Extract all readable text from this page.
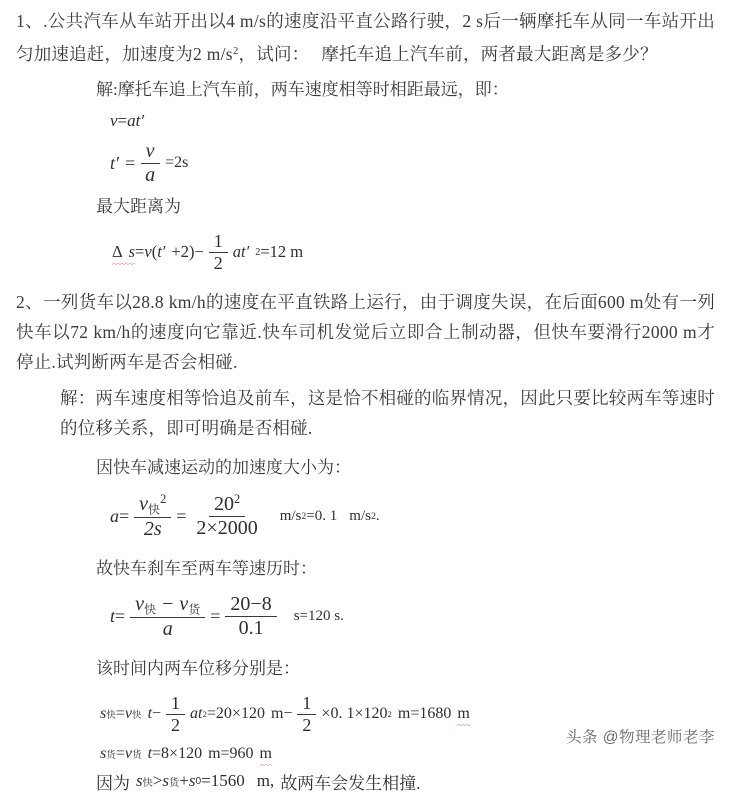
1、.公共汽车从车站开出以4 m/s的速度沿平直公路行驶，2 s后一辆摩托车从同一车站开出匀加速追赶，加速度为2 $m/s^2$，试问： 摩托车追上汽车前，两者最大距离是多少？
解:摩托车追上汽车前，两车速度相等时相距最远，即：
v = a t ′
t ′ = $\frac{v}{a} =2s$
最大距离为
Δ s = v ( t ′ $+2) - \frac{1}{2}$ a t ′ 2 =12 m
2、一列货车以28.8 km/h的速度在平直铁路上运行，由于调度失误，在后面600 m处有一列快车以72 km/h的速度向它靠近.快车司机发觉后立即合上制动器，但快车要滑行2000 m才停止.试判断两车是否会相碰.
解：两车速度相等恰追及前车，这是恰不相碰的临界情况，因此只要比较两车等速时的位移关系，即可明确是否相碰.
因快车减速运动的加速度大小为：
$a = \frac{v_快^2}{2s} = \frac{20^2}{2\times 2000} m/s$ 2 =0. 1 m/s 2 .
故快车刹车至两车等速历时：
$t = \frac{v_快 - v_货}{a} = \frac{20-8}{0.1} s=120$ s.
该时间内两车位移分别是：
s 快 = v 快 $t - \frac{1}{2}$ a t 2 =20×120 $m- \frac{1}{2} \times 0$. 1×120 2 m=1680 m
s 货 = v 货 t =8×120 m=960 m
因为 s 快 > s 货 + s 0 =1560 m, 故两车会发生相撞.
头条 @物理老师老李
